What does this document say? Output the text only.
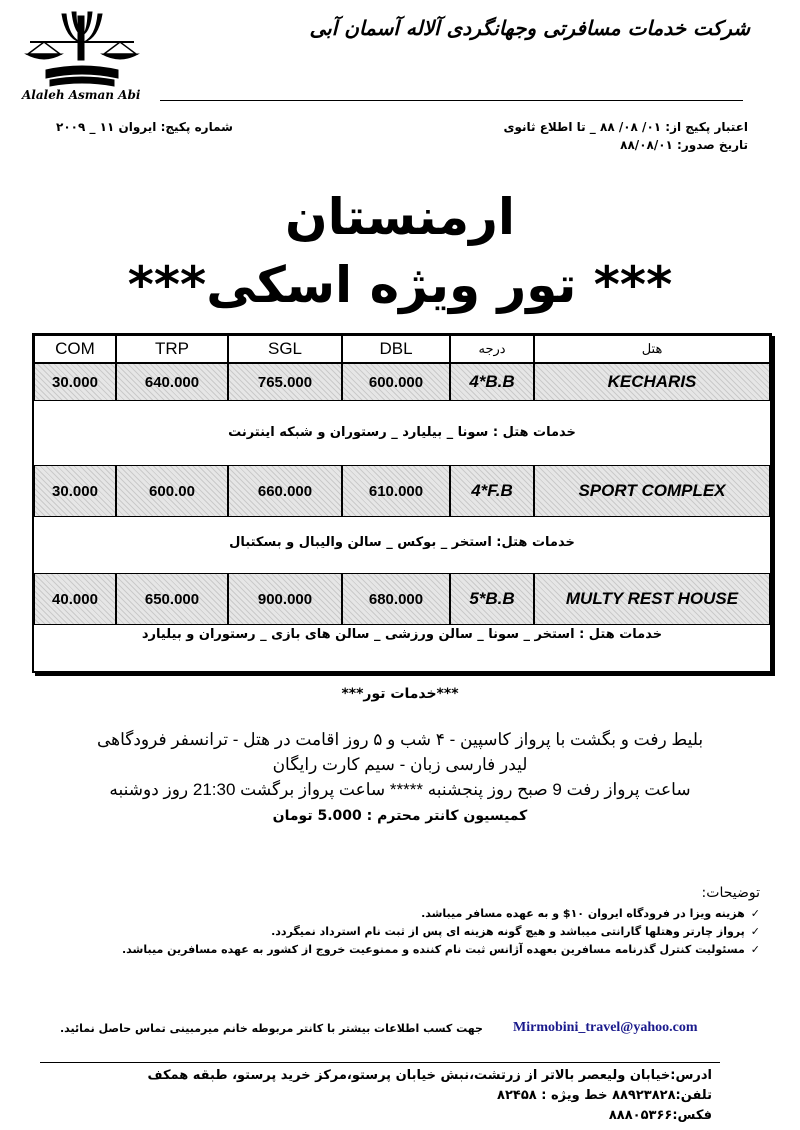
Alaleh Asman Abi
شرکت خدمات مسافرتی وجهانگردی آلاله آسمان آبی
اعتبار پکیج از: ۰۱/ ۰۸/ ۸۸ _ تا اطلاع ثانوی
تاریخ صدور: ۸۸/۰۸/۰۱
شماره پکیج: ایروان ۱۱ _ ۲۰۰۹
ارمنستان
*** تور ویژه اسکی***
COM	TRP	SGL	DBL	درجه	هتل
30.000	640.000	765.000	600.000	4*B.B	KECHARIS
خدمات هتل : سونا _ بیلیارد _ رستوران و شبکه اینترنت
30.000	600.00	660.000	610.000	4*F.B	SPORT COMPLEX
خدمات هتل: استخر _ بوکس _ سالن والیبال و بسکتبال
40.000	650.000	900.000	680.000	5*B.B	MULTY REST HOUSE
خدمات هتل : استخر _ سونا _ سالن ورزشی _ سالن های بازی _ رستوران و بیلیارد
***خدمات تور***
بلیط رفت و بگشت با پرواز کاسپین - ۴ شب و ۵ روز اقامت در هتل - ترانسفر فرودگاهی
لیدر فارسی زبان - سیم کارت رایگان
ساعت پرواز رفت 9 صبح روز پنجشنبه ***** ساعت پرواز برگشت 21:30 روز دوشنبه
کمیسیون کانتر محترم : 5.000 تومان
توضیحات:
✓هزینه ویزا در فرودگاه ایروان ۱۰$ و به عهده مسافر میباشد.
✓پرواز چارتر وهتلها گارانتی میباشد و هیچ گونه هزینه ای پس از ثبت نام استرداد نمیگردد.
✓مسئولیت کنترل گذرنامه مسافرین بعهده آژانس ثبت نام کننده و ممنوعیت خروج از کشور به عهده مسافرین میباشد.
جهت کسب اطلاعات بیشتر با کانتر مربوطه خانم میرمبینی تماس حاصل نمائید. Mirmobini_travel@yahoo.com
ادرس:خیابان ولیعصر بالاتر از زرتشت،نبش خیابان پرستو،مرکز خرید پرستو، طبقه همکف
تلفن:۸۸۹۲۳۸۲۸ خط ویژه : ۸۲۴۵۸
فکس:۸۸۸۰۵۳۶۶
